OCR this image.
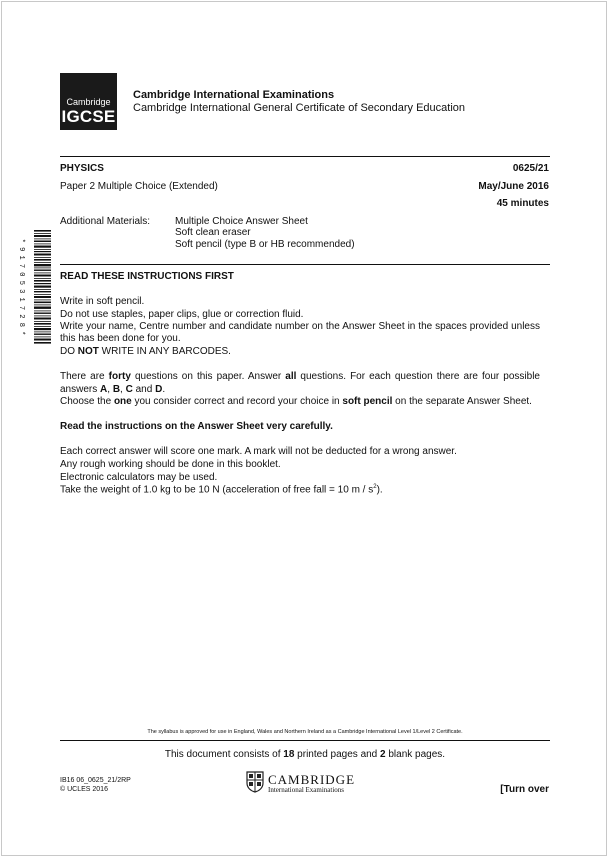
Cambridge
IGCSE
Cambridge International Examinations
Cambridge International General Certificate of Secondary Education
PHYSICS	0625/21
Paper 2 Multiple Choice (Extended)	May/June 2016
45 minutes
Additional Materials: Multiple Choice Answer Sheet
Soft clean eraser
Soft pencil (type B or HB recommended)
* 9 1 7 0 5 3 1 7 2 8 *	READ THESE INSTRUCTIONS FIRST
Write in soft pencil.
Do not use staples, paper clips, glue or correction fluid.
Write your name, Centre number and candidate number on the Answer Sheet in the spaces provided unless this has been done for you.
DO NOT WRITE IN ANY BARCODES.
There are forty questions on this paper. Answer all questions. For each question there are four possible answers A, B, C and D.
Choose the one you consider correct and record your choice in soft pencil on the separate Answer Sheet.
Read the instructions on the Answer Sheet very carefully.
Each correct answer will score one mark. A mark will not be deducted for a wrong answer.
Any rough working should be done in this booklet.
Electronic calculators may be used.
Take the weight of 1.0 kg to be 10 N (acceleration of free fall = 10 m / $s^2$).
The syllabus is approved for use in England, Wales and Northern Ireland as a Cambridge International Level 1/Level 2 Certificate.
This document consists of 18 printed pages and 2 blank pages.
IB16 06_0625_21/2RP
© UCLES 2016
CAMBRIDGE
International Examinations	[Turn over
